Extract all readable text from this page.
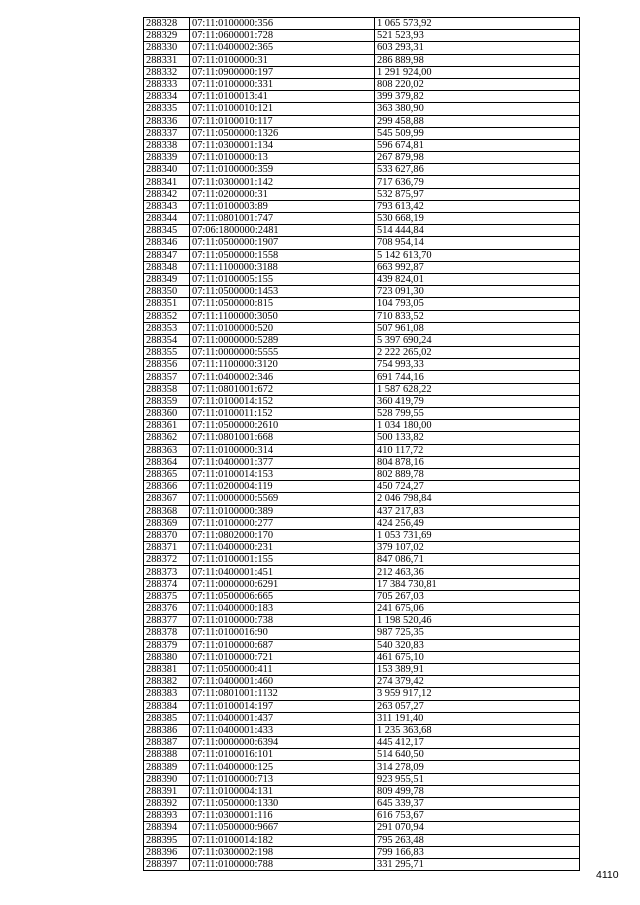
288328	07:11:0100000:356	1 065 573,92
288329	07:11:0600001:728	521 523,93
288330	07:11:0400002:365	603 293,31
288331	07:11:0100000:31	286 889,98
288332	07:11:0900000:197	1 291 924,00
288333	07:11:0100000:331	808 220,02
288334	07:11:0100013:41	399 379,82
288335	07:11:0100010:121	363 380,90
288336	07:11:0100010:117	299 458,88
288337	07:11:0500000:1326	545 509,99
288338	07:11:0300001:134	596 674,81
288339	07:11:0100000:13	267 879,98
288340	07:11:0100000:359	533 627,86
288341	07:11:0300001:142	717 636,79
288342	07:11:0200000:31	532 875,97
288343	07:11:0100003:89	793 613,42
288344	07:11:0801001:747	530 668,19
288345	07:06:1800000:2481	514 444,84
288346	07:11:0500000:1907	708 954,14
288347	07:11:0500000:1558	5 142 613,70
288348	07:11:1100000:3188	663 992,87
288349	07:11:0100005:155	439 824,01
288350	07:11:0500000:1453	723 091,30
288351	07:11:0500000:815	104 793,05
288352	07:11:1100000:3050	710 833,52
288353	07:11:0100000:520	507 961,08
288354	07:11:0000000:5289	5 397 690,24
288355	07:11:0000000:5555	2 222 265,02
288356	07:11:1100000:3120	754 993,33
288357	07:11:0400002:346	691 744,16
288358	07:11:0801001:672	1 587 628,22
288359	07:11:0100014:152	360 419,79
288360	07:11:0100011:152	528 799,55
288361	07:11:0500000:2610	1 034 180,00
288362	07:11:0801001:668	500 133,82
288363	07:11:0100000:314	410 117,72
288364	07:11:0400001:377	804 878,16
288365	07:11:0100014:153	802 889,78
288366	07:11:0200004:119	450 724,27
288367	07:11:0000000:5569	2 046 798,84
288368	07:11:0100000:389	437 217,83
288369	07:11:0100000:277	424 256,49
288370	07:11:0802000:170	1 053 731,69
288371	07:11:0400000:231	379 107,02
288372	07:11:0100001:155	847 086,71
288373	07:11:0400001:451	212 463,36
288374	07:11:0000000:6291	17 384 730,81
288375	07:11:0500006:665	705 267,03
288376	07:11:0400000:183	241 675,06
288377	07:11:0100000:738	1 198 520,46
288378	07:11:0100016:90	987 725,35
288379	07:11:0100000:687	540 320,83
288380	07:11:0100000:721	461 675,10
288381	07:11:0500000:411	153 389,91
288382	07:11:0400001:460	274 379,42
288383	07:11:0801001:1132	3 959 917,12
288384	07:11:0100014:197	263 057,27
288385	07:11:0400001:437	311 191,40
288386	07:11:0400001:433	1 235 363,68
288387	07:11:0000000:6394	445 412,17
288388	07:11:0100016:101	514 640,50
288389	07:11:0400000:125	314 278,09
288390	07:11:0100000:713	923 955,51
288391	07:11:0100004:131	809 499,78
288392	07:11:0500000:1330	645 339,37
288393	07:11:0300001:116	616 753,67
288394	07:11:0500000:9667	291 070,94
288395	07:11:0100014:182	795 263,48
288396	07:11:0300002:198	799 166,83
288397	07:11:0100000:788	331 295,71
4110
